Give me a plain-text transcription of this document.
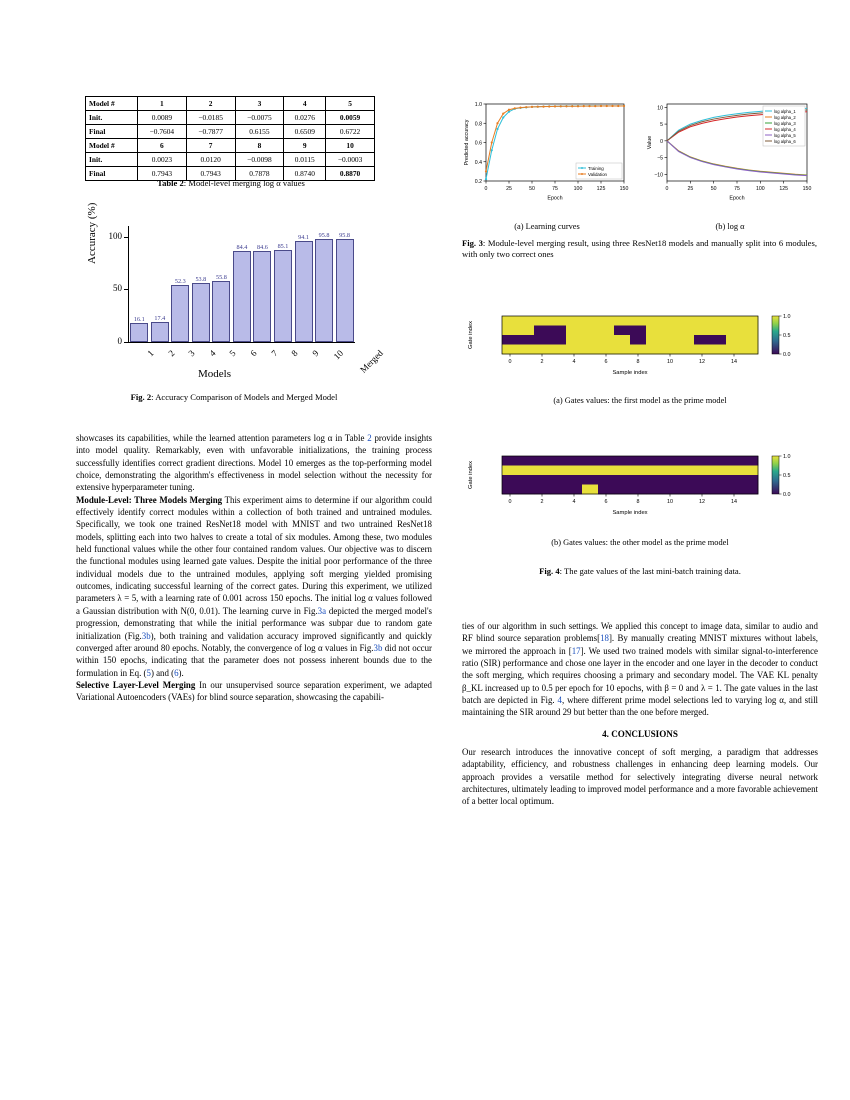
Model #	1	2	3	4	5
Init.	0.0089	−0.0185	−0.0075	0.0276	0.0059
Final	−0.7604	−0.7877	0.6155	0.6509	0.6722
Model #	6	7	8	9	10
Init.	0.0023	0.0120	−0.0098	0.0115	−0.0003
Final	0.7943	0.7943	0.7878	0.8740	0.8870
Table 2: Model-level merging log α values
Accuracy (%)
16.1 17.4
52.3 53.8 55.8
84.4 84.6 85.1
94.1 95.8 95.8
0
50
100
1 2 3 4 5 6 7 8 9 10 Merged
Models
Fig. 2: Accuracy Comparison of Models and Merged Model
0	25	50	75	100	125	150
0.2
0.4
0.6
0.8
1.0
Epoch
Predicted accuracy
Training
Validation
(a) Learning curves
0	25	50	75	100	125	150
10
5
0
−5
−10
Epoch
Value
log alpha_1
log alpha_2
log alpha_3
log alpha_4
log alpha_5
log alpha_6
(b) log α
Fig. 3: Module-level merging result, using three ResNet18 models and manually split into 6 modules, with only two correct ones
0	2	4	6	8	10	12	14
Sample index
Gate index
1.0
0.5
0.0
(a) Gates values: the first model as the prime model
0	2	4	6	8	10	12	14
Sample index
Gate index
1.0
0.5
0.0
(b) Gates values: the other model as the prime model
Fig. 4: The gate values of the last mini-batch training data.

showcases its capabilities, while the learned attention parameters log α in Table 2 provide insights into model quality. Remarkably, even with unfavorable initializations, the training process successfully identifies correct gradient directions. Model 10 emerges as the top-performing model choice, demonstrating the algorithm's effectiveness in model selection without the necessity for extensive hyperparameter tuning.

Module-Level: Three Models Merging This experiment aims to determine if our algorithm could effectively identify correct modules within a collection of both trained and untrained modules. Specifically, we took one trained ResNet18 model with MNIST and two untrained ResNet18 models, splitting each into two halves to create a total of six modules. Among these, two modules held functional values while the other four contained random values. Our objective was to discern the functional modules using learned gate values. Despite the initial poor performance of the three individual models due to the untrained modules, applying soft merging yielded promising outcomes, indicating successful learning of the correct gates. During this experiment, we utilized parameters λ = 5, with a learning rate of 0.001 across 150 epochs. The initial log α values followed a Gaussian distribution with N(0, 0.01). The learning curve in Fig.3a depicted the merged model's progression, demonstrating that while the initial performance was subpar due to random gate initialization (Fig.3b), both training and validation accuracy improved significantly and quickly converged after around 80 epochs. Notably, the convergence of log α values in Fig.3b did not occur within 150 epochs, indicating that the parameter does not possess inherent bounds due to the formulation in Eq. (5) and (6).

Selective Layer-Level Merging In our unsupervised source separation experiment, we adapted Variational Autoencoders (VAEs) for blind source separation, showcasing the capabili-

ties of our algorithm in such settings. We applied this concept to image data, similar to audio and RF blind source separation problems[18]. By manually creating MNIST mixtures without labels, we mirrored the approach in [17]. We used two trained models with similar signal-to-interference ratio (SIR) performance and chose one layer in the encoder and one layer in the decoder to conduct the soft merging, which requires choosing a primary and secondary model. The VAE KL penalty β_KL increased up to 0.5 per epoch for 10 epochs, with β = 0 and λ = 1. The gate values in the last batch are depicted in Fig. 4, where different prime model selections led to varying log α, and still maintaining the SIR around 29 but better than the one before merged.

4. CONCLUSIONS

Our research introduces the innovative concept of soft merging, a paradigm that addresses adaptability, efficiency, and robustness challenges in enhancing deep learning models. Our approach provides a versatile method for selectively integrating diverse neural network architectures, ultimately leading to improved model performance and a more favorable achievement of a better local optimum.
